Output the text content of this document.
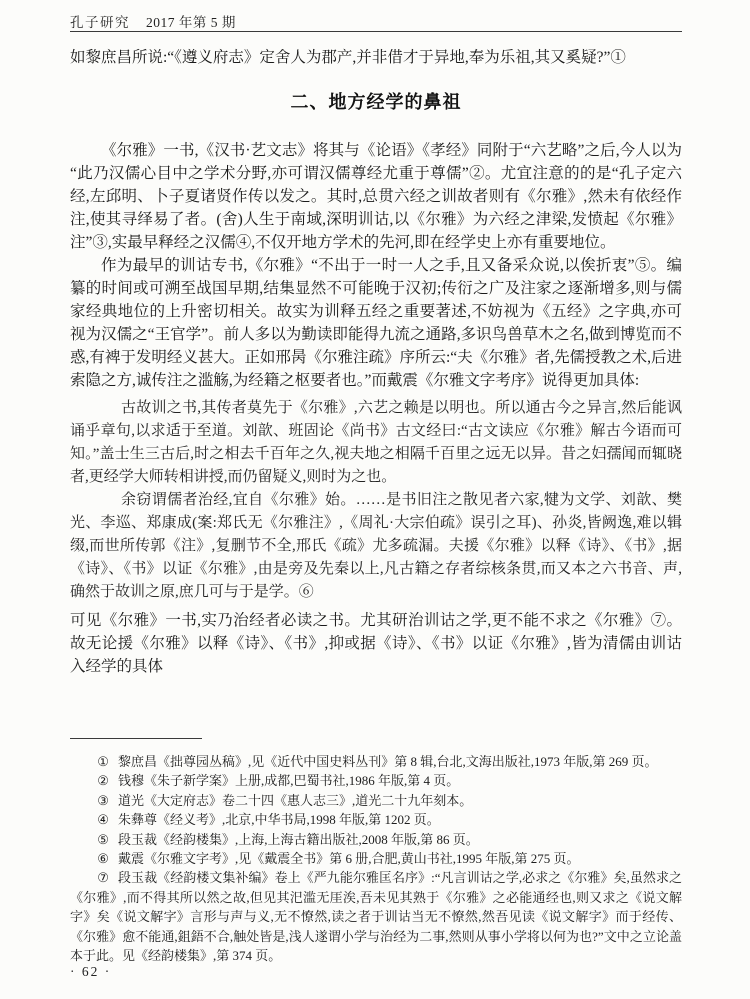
孔子研究 2017 年第 5 期

如黎庶昌所说:“《遵义府志》定舍人为郡产,并非借才于异地,奉为乐祖,其又奚疑?”①

二、地方经学的鼻祖

《尔雅》一书,《汉书·艺文志》将其与《论语》《孝经》同附于“六艺略”之后,今人以为“此乃汉儒心目中之学术分野,亦可谓汉儒尊经尤重于尊儒”②。尤宜注意的的是“孔子定六经,左邱明、卜子夏诸贤作传以发之。其时,总贯六经之训故者则有《尔雅》,然未有依经作注,使其寻绎易了者。(舍)人生于南域,深明训诂,以《尔雅》为六经之津梁,发愤起《尔雅》注”③,实最早释经之汉儒④,不仅开地方学术的先河,即在经学史上亦有重要地位。

作为最早的训诂专书,《尔雅》“不出于一时一人之手,且又备采众说,以俟折衷”⑤。编纂的时间或可溯至战国早期,结集显然不可能晚于汉初;传衍之广及注家之逐渐增多,则与儒家经典地位的上升密切相关。故实为训释五经之重要著述,不妨视为《五经》之字典,亦可视为汉儒之“王官学”。前人多以为勤读即能得九流之通路,多识鸟兽草木之名,做到博览而不惑,有裨于发明经义甚大。正如邢昺《尔雅注疏》序所云:“夫《尔雅》者,先儒授教之术,后进索隐之方,诚传注之滥觞,为经籍之枢要者也。”而戴震《尔雅文字考序》说得更加具体:

古故训之书,其传者莫先于《尔雅》,六艺之赖是以明也。所以通古今之异言,然后能讽诵乎章句,以求适于至道。刘歆、班固论《尚书》古文经曰:“古文读应《尔雅》解古今语而可知。”盖士生三古后,时之相去千百年之久,视夫地之相隔千百里之远无以异。昔之妇孺闻而辄晓者,更经学大师转相讲授,而仍留疑义,则时为之也。

余窃谓儒者治经,宜自《尔雅》始。……是书旧注之散见者六家,犍为文学、刘歆、樊光、李巡、郑康成(案:郑氏无《尔雅注》,《周礼·大宗伯疏》误引之耳)、孙炎,皆阙逸,难以辑缀,而世所传郭《注》,复删节不全,邢氏《疏》尤多疏漏。夫援《尔雅》以释《诗》、《书》,据《诗》、《书》以证《尔雅》,由是旁及先秦以上,凡古籍之存者综核条贯,而又本之六书音、声,确然于故训之原,庶几可与于是学。⑥

可见《尔雅》一书,实乃治经者必读之书。尤其研治训诂之学,更不能不求之《尔雅》⑦。故无论援《尔雅》以释《诗》、《书》,抑或据《诗》、《书》以证《尔雅》,皆为清儒由训诂入经学的具体

① 黎庶昌《拙尊园丛稿》,见《近代中国史料丛刊》第 8 辑,台北,文海出版社,1973 年版,第 269 页。

② 钱穆《朱子新学案》上册,成都,巴蜀书社,1986 年版,第 4 页。

③ 道光《大定府志》卷二十四《惠人志三》,道光二十九年刻本。

④ 朱彝尊《经义考》,北京,中华书局,1998 年版,第 1202 页。

⑤ 段玉裁《经韵楼集》,上海,上海古籍出版社,2008 年版,第 86 页。

⑥ 戴震《尔雅文字考》,见《戴震全书》第 6 册,合肥,黄山书社,1995 年版,第 275 页。

⑦ 段玉裁《经韵楼文集补编》卷上《严九能尔雅匡名序》:“凡言训诂之学,必求之《尔雅》矣,虽然求之《尔雅》,而不得其所以然之故,但见其汜滥无厓涘,吾未见其熟于《尔雅》之必能通经也,则又求之《说文解字》矣《说文解字》言形与声与义,无不憭然,读之者于训诂当无不憭然,然吾见读《说文解字》而于经传、《尔雅》愈不能通,鉏鋙不合,触处皆是,浅人遂谓小学与治经为二事,然则从事小学将以何为也?”文中之立论盖本于此。见《经韵楼集》,第 374 页。

· 62 ·
